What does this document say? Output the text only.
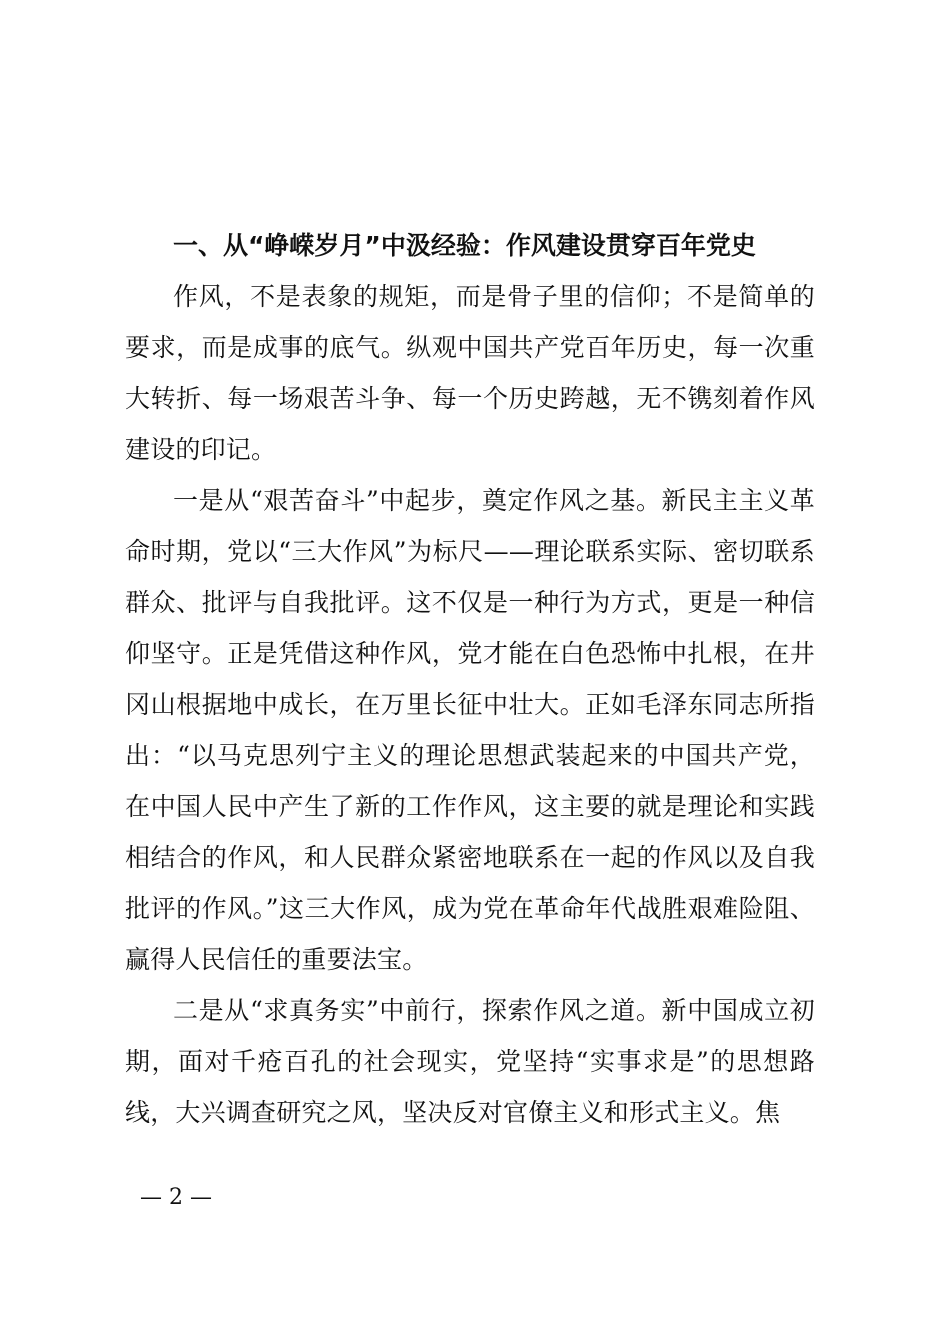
一、从“峥嵘岁月”中汲经验：作风建设贯穿百年党史

作风，不是表象的规矩，而是骨子里的信仰；不是简单的要求，而是成事的底气。纵观中国共产党百年历史，每一次重大转折、每一场艰苦斗争、每一个历史跨越，无不镌刻着作风建设的印记。

一是从“艰苦奋斗”中起步，奠定作风之基。新民主主义革命时期，党以“三大作风”为标尺——理论联系实际、密切联系群众、批评与自我批评。这不仅是一种行为方式，更是一种信仰坚守。正是凭借这种作风，党才能在白色恐怖中扎根，在井冈山根据地中成长，在万里长征中壮大。正如毛泽东同志所指出：“以马克思列宁主义的理论思想武装起来的中国共产党，在中国人民中产生了新的工作作风，这主要的就是理论和实践相结合的作风，和人民群众紧密地联系在一起的作风以及自我批评的作风。”这三大作风，成为党在革命年代战胜艰难险阻、赢得人民信任的重要法宝。

二是从“求真务实”中前行，探索作风之道。新中国成立初期，面对千疮百孔的社会现实，党坚持“实事求是”的思想路线，大兴调查研究之风，坚决反对官僚主义和形式主义。焦

— 2 —
